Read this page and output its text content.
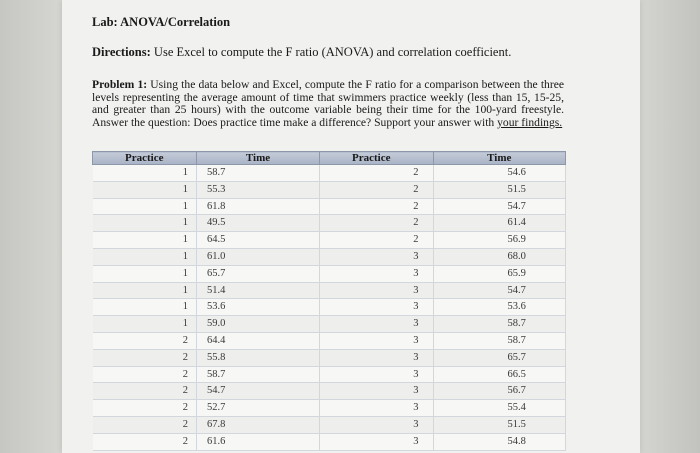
Lab: ANOVA/Correlation
Directions: Use Excel to compute the F ratio (ANOVA) and correlation coefficient.
Problem 1: Using the data below and Excel, compute the F ratio for a comparison between the three levels representing the average amount of time that swimmers practice weekly (less than 15, 15-25, and greater than 25 hours) with the outcome variable being their time for the 100-yard freestyle. Answer the question: Does practice time make a difference? Support your answer with your findings.
Practice	Time	Practice	Time
1	58.7	2	54.6
1	55.3	2	51.5
1	61.8	2	54.7
1	49.5	2	61.4
1	64.5	2	56.9
1	61.0	3	68.0
1	65.7	3	65.9
1	51.4	3	54.7
1	53.6	3	53.6
1	59.0	3	58.7
2	64.4	3	58.7
2	55.8	3	65.7
2	58.7	3	66.5
2	54.7	3	56.7
2	52.7	3	55.4
2	67.8	3	51.5
2	61.6	3	54.8
